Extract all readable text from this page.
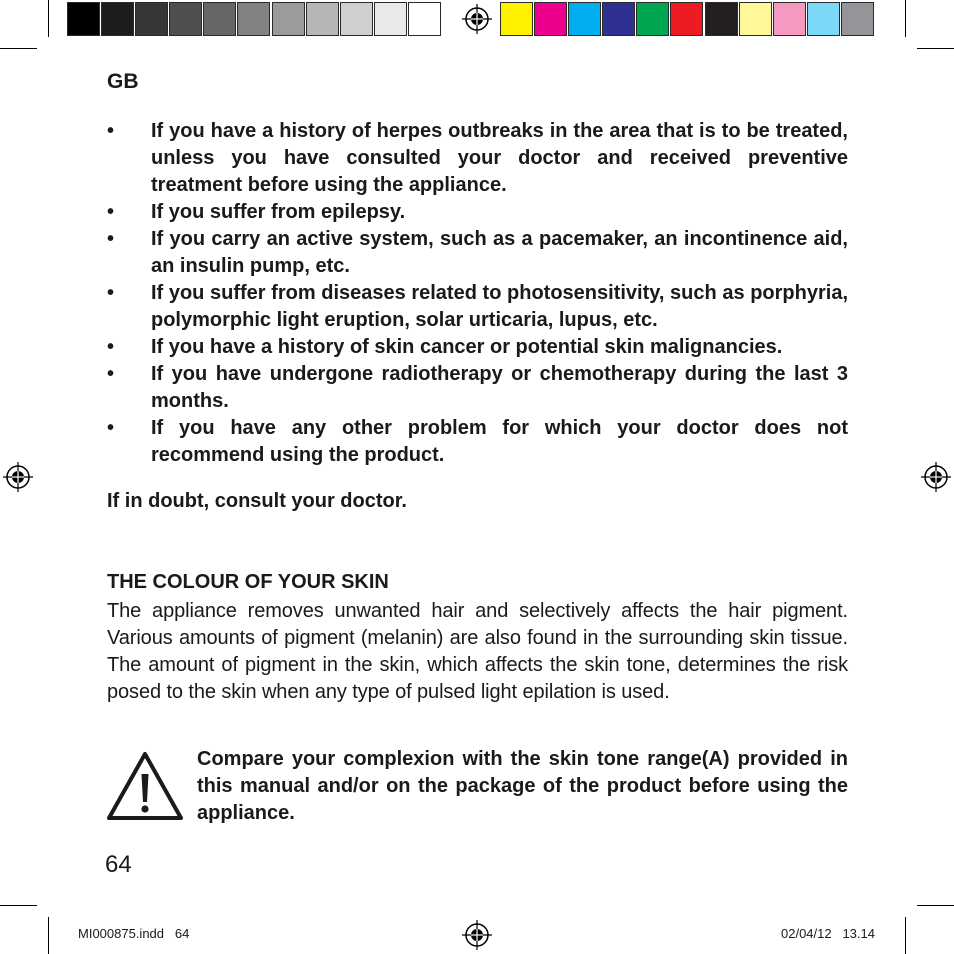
GB
•	If you have a history of herpes outbreaks in the area that is to be treated, unless you have consulted your doctor and received preventive treatment before using the appliance.
•	If you suffer from epilepsy.
•	If you carry an active system, such as a pacemaker, an incontinence aid, an insulin pump, etc.
•	If you suffer from diseases related to photosensitivity, such as porphyria, polymorphic light eruption, solar urticaria, lupus, etc.
•	If you have a history of skin cancer or potential skin malignancies.
•	If you have undergone radiotherapy or chemotherapy during the last 3 months.
•	If you have any other problem for which your doctor does not recommend using the product.
If in doubt, consult your doctor.
THE COLOUR OF YOUR SKIN

The appliance removes unwanted hair and selectively affects the hair pigment. Various amounts of pigment (melanin) are also found in the surrounding skin tissue. The amount of pigment in the skin, which affects the skin tone, determines the risk posed to the skin when any type of pulsed light epilation is used.

Compare your complexion with the skin tone range(A) provided in this manual and/or on the package of the product before using the appliance.

64
MI000875.indd   64	02/04/12   13.14
